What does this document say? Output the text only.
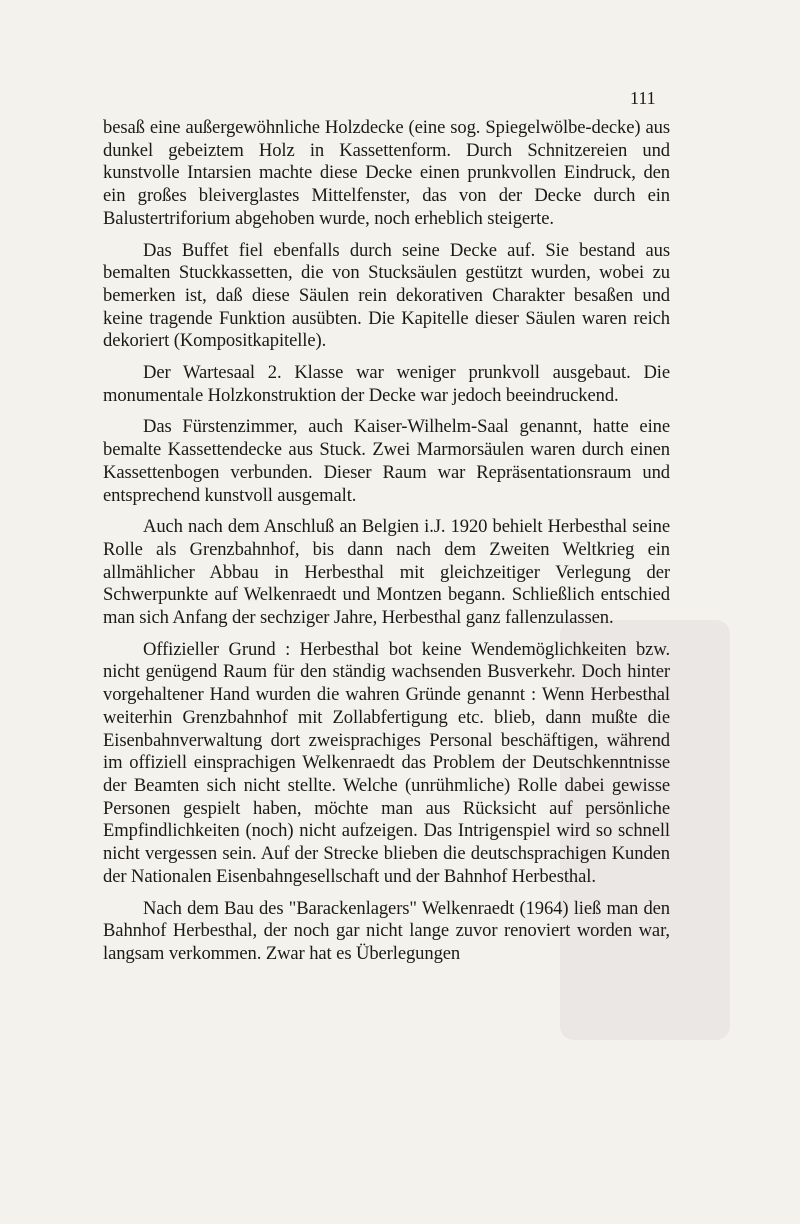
111

besaß eine außergewöhnliche Holzdecke (eine sog. Spiegelwölbe-decke) aus dunkel gebeiztem Holz in Kassettenform. Durch Schnitzereien und kunstvolle Intarsien machte diese Decke einen prunkvollen Eindruck, den ein großes bleiverglastes Mittelfenster, das von der Decke durch ein Balustertriforium abgehoben wurde, noch erheblich steigerte.

Das Buffet fiel ebenfalls durch seine Decke auf. Sie bestand aus bemalten Stuckkassetten, die von Stucksäulen gestützt wurden, wobei zu bemerken ist, daß diese Säulen rein dekorativen Charakter besaßen und keine tragende Funktion ausübten. Die Kapitelle dieser Säulen waren reich dekoriert (Kompositkapitelle).

Der Wartesaal 2. Klasse war weniger prunkvoll ausgebaut. Die monumentale Holzkonstruktion der Decke war jedoch beeindruckend.

Das Fürstenzimmer, auch Kaiser-Wilhelm-Saal genannt, hatte eine bemalte Kassettendecke aus Stuck. Zwei Marmorsäulen waren durch einen Kassettenbogen verbunden. Dieser Raum war Repräsentationsraum und entsprechend kunstvoll ausgemalt.

Auch nach dem Anschluß an Belgien i.J. 1920 behielt Herbesthal seine Rolle als Grenzbahnhof, bis dann nach dem Zweiten Weltkrieg ein allmählicher Abbau in Herbesthal mit gleichzeitiger Verlegung der Schwerpunkte auf Welkenraedt und Montzen begann. Schließlich entschied man sich Anfang der sechziger Jahre, Herbesthal ganz fallenzulassen.

Offizieller Grund : Herbesthal bot keine Wendemöglichkeiten bzw. nicht genügend Raum für den ständig wachsenden Busverkehr. Doch hinter vorgehaltener Hand wurden die wahren Gründe genannt : Wenn Herbesthal weiterhin Grenzbahnhof mit Zollabfertigung etc. blieb, dann mußte die Eisenbahnverwaltung dort zweisprachiges Personal beschäftigen, während im offiziell einsprachigen Welkenraedt das Problem der Deutschkenntnisse der Beamten sich nicht stellte. Welche (unrühmliche) Rolle dabei gewisse Personen gespielt haben, möchte man aus Rücksicht auf persönliche Empfindlichkeiten (noch) nicht aufzeigen. Das Intrigenspiel wird so schnell nicht vergessen sein. Auf der Strecke blieben die deutschsprachigen Kunden der Nationalen Eisenbahngesellschaft und der Bahnhof Herbesthal.

Nach dem Bau des "Barackenlagers" Welkenraedt (1964) ließ man den Bahnhof Herbesthal, der noch gar nicht lange zuvor renoviert worden war, langsam verkommen. Zwar hat es Überlegungen
